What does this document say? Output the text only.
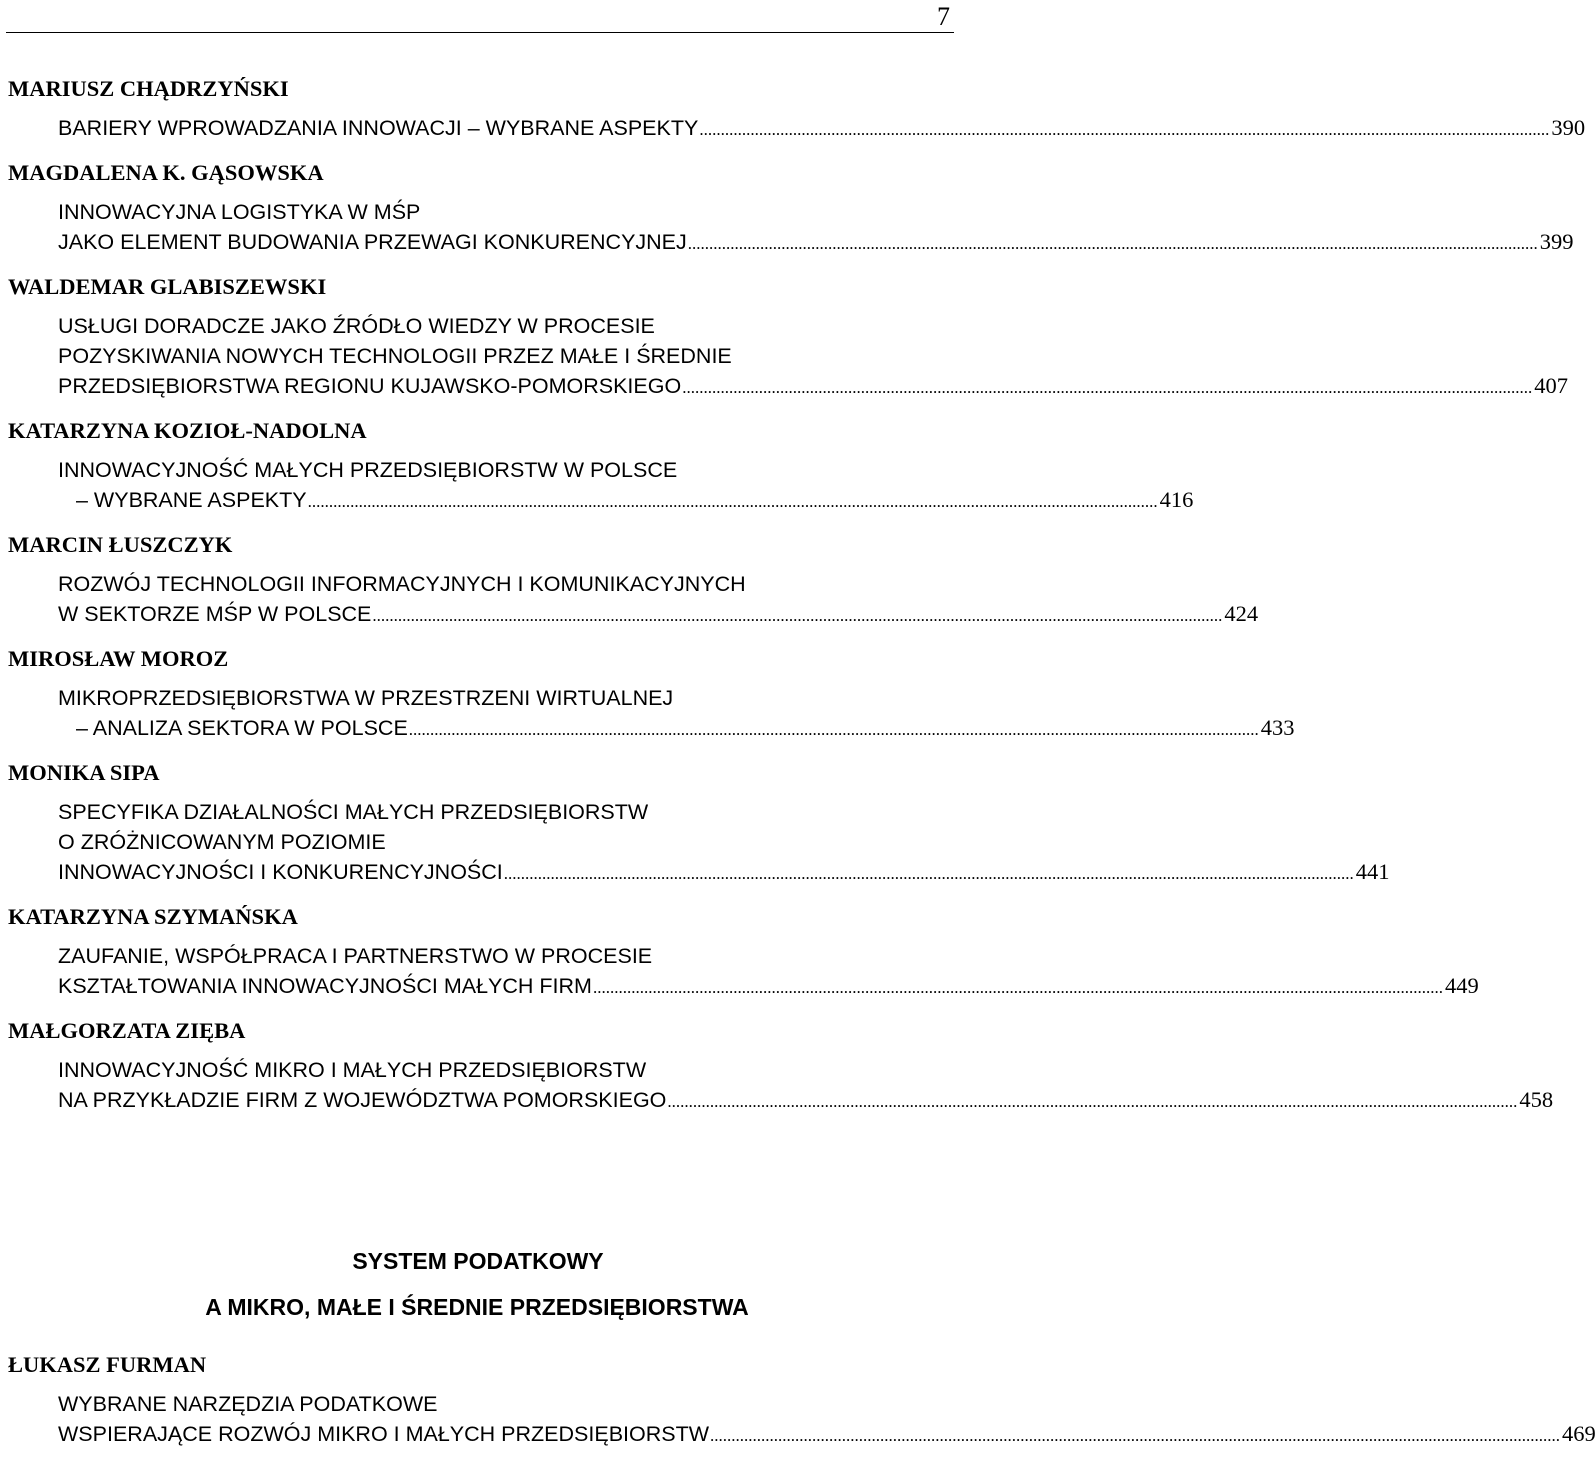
7
MARIUSZ CHĄDRZYŃSKI
BARIERY WPROWADZANIA INNOWACJI – WYBRANE ASPEKTY ........................................................................................................................................................................................................ 390
MAGDALENA K. GĄSOWSKA
INNOWACYJNA LOGISTYKA W MŚP
JAKO ELEMENT BUDOWANIA PRZEWAGI KONKURENCYJNEJ ........................................................................................................................................................................................................ 399
WALDEMAR GLABISZEWSKI
USŁUGI DORADCZE JAKO ŹRÓDŁO WIEDZY W PROCESIE
POZYSKIWANIA NOWYCH TECHNOLOGII PRZEZ MAŁE I ŚREDNIE
PRZEDSIĘBIORSTWA REGIONU KUJAWSKO-POMORSKIEGO ........................................................................................................................................................................................................ 407
KATARZYNA KOZIOŁ-NADOLNA
INNOWACYJNOŚĆ MAŁYCH PRZEDSIĘBIORSTW W POLSCE
– WYBRANE ASPEKTY ........................................................................................................................................................................................................ 416
MARCIN ŁUSZCZYK
ROZWÓJ TECHNOLOGII INFORMACYJNYCH I KOMUNIKACYJNYCH
W SEKTORZE MŚP W POLSCE ........................................................................................................................................................................................................ 424
MIROSŁAW MOROZ
MIKROPRZEDSIĘBIORSTWA W PRZESTRZENI WIRTUALNEJ
– ANALIZA SEKTORA W POLSCE ........................................................................................................................................................................................................ 433
MONIKA SIPA
SPECYFIKA DZIAŁALNOŚCI MAŁYCH PRZEDSIĘBIORSTW
O ZRÓŻNICOWANYM POZIOMIE
INNOWACYJNOŚCI I KONKURENCYJNOŚCI ........................................................................................................................................................................................................ 441
KATARZYNA SZYMAŃSKA
ZAUFANIE, WSPÓŁPRACA I PARTNERSTWO W PROCESIE
KSZTAŁTOWANIA INNOWACYJNOŚCI MAŁYCH FIRM ........................................................................................................................................................................................................ 449
MAŁGORZATA ZIĘBA
INNOWACYJNOŚĆ MIKRO I MAŁYCH PRZEDSIĘBIORSTW
NA PRZYKŁADZIE FIRM Z WOJEWÓDZTWA POMORSKIEGO ........................................................................................................................................................................................................ 458
SYSTEM PODATKOWY
A MIKRO, MAŁE I ŚREDNIE PRZEDSIĘBIORSTWA
ŁUKASZ FURMAN
WYBRANE NARZĘDZIA PODATKOWE
WSPIERAJĄCE ROZWÓJ MIKRO I MAŁYCH PRZEDSIĘBIORSTW ........................................................................................................................................................................................................ 469
